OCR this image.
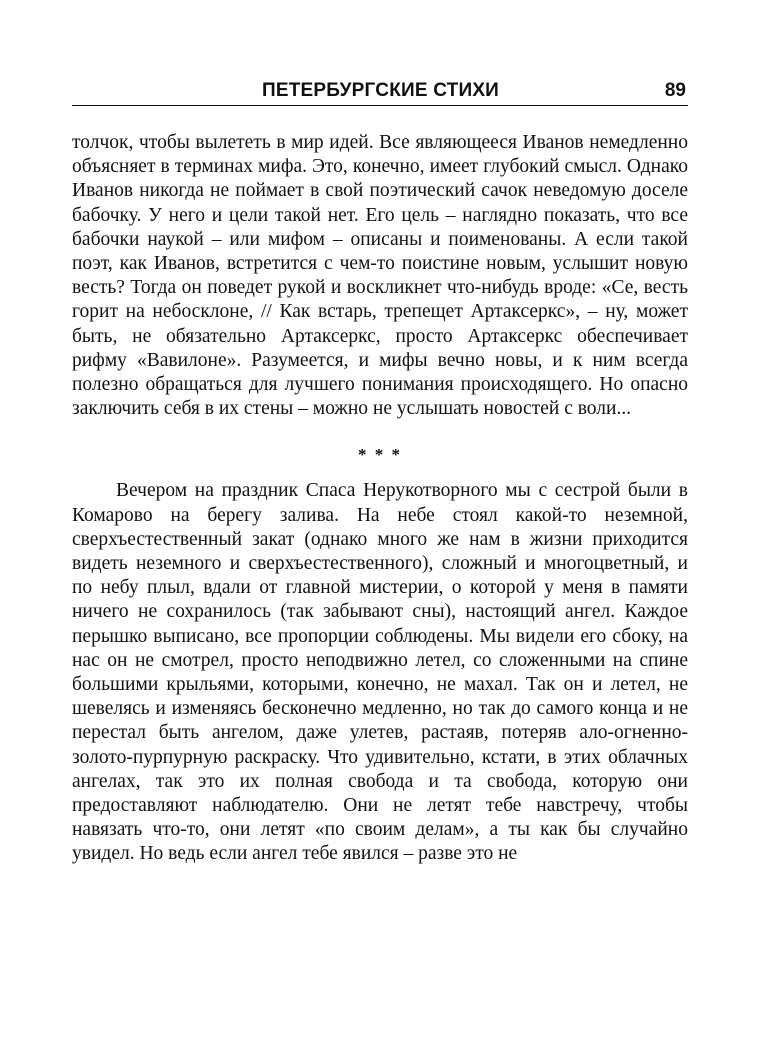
ПЕТЕРБУРГСКИЕ СТИХИ	89

толчок, чтобы вылететь в мир идей. Все являющееся Иванов немедленно объясняет в терминах мифа. Это, конечно, имеет глубокий смысл. Однако Иванов никогда не поймает в свой поэтический сачок неведомую доселе бабочку. У него и цели такой нет. Его цель – наглядно показать, что все бабочки наукой – или мифом – описаны и поименованы. А если такой поэт, как Иванов, встретится с чем-то поистине новым, услышит новую весть? Тогда он поведет рукой и воскликнет что-нибудь вроде: «Се, весть горит на небосклоне, // Как встарь, трепещет Артаксеркс», – ну, может быть, не обязательно Артаксеркс, просто Артаксеркс обеспечивает рифму «Вавилоне». Разумеется, и мифы вечно новы, и к ним всегда полезно обращаться для лучшего понимания происходящего. Но опасно заключить себя в их стены – можно не услышать новостей с воли...

* * *

Вечером на праздник Спаса Нерукотворного мы с сестрой были в Комарово на берегу залива. На небе стоял какой-то неземной, сверхъестественный закат (однако много же нам в жизни приходится видеть неземного и сверхъестественного), сложный и многоцветный, и по небу плыл, вдали от главной мистерии, о которой у меня в памяти ничего не сохранилось (так забывают сны), настоящий ангел. Каждое перышко выписано, все пропорции соблюдены. Мы видели его сбоку, на нас он не смотрел, просто неподвижно летел, со сложенными на спине большими крыльями, которыми, конечно, не махал. Так он и летел, не шевелясь и изменяясь бесконечно медленно, но так до самого конца и не перестал быть ангелом, даже улетев, растаяв, потеряв ало-огненно-золото-пурпурную раскраску. Что удивительно, кстати, в этих облачных ангелах, так это их полная свобода и та свобода, которую они предоставляют наблюдателю. Они не летят тебе навстречу, чтобы навязать что-то, они летят «по своим делам», а ты как бы случайно увидел. Но ведь если ангел тебе явился – разве это не
